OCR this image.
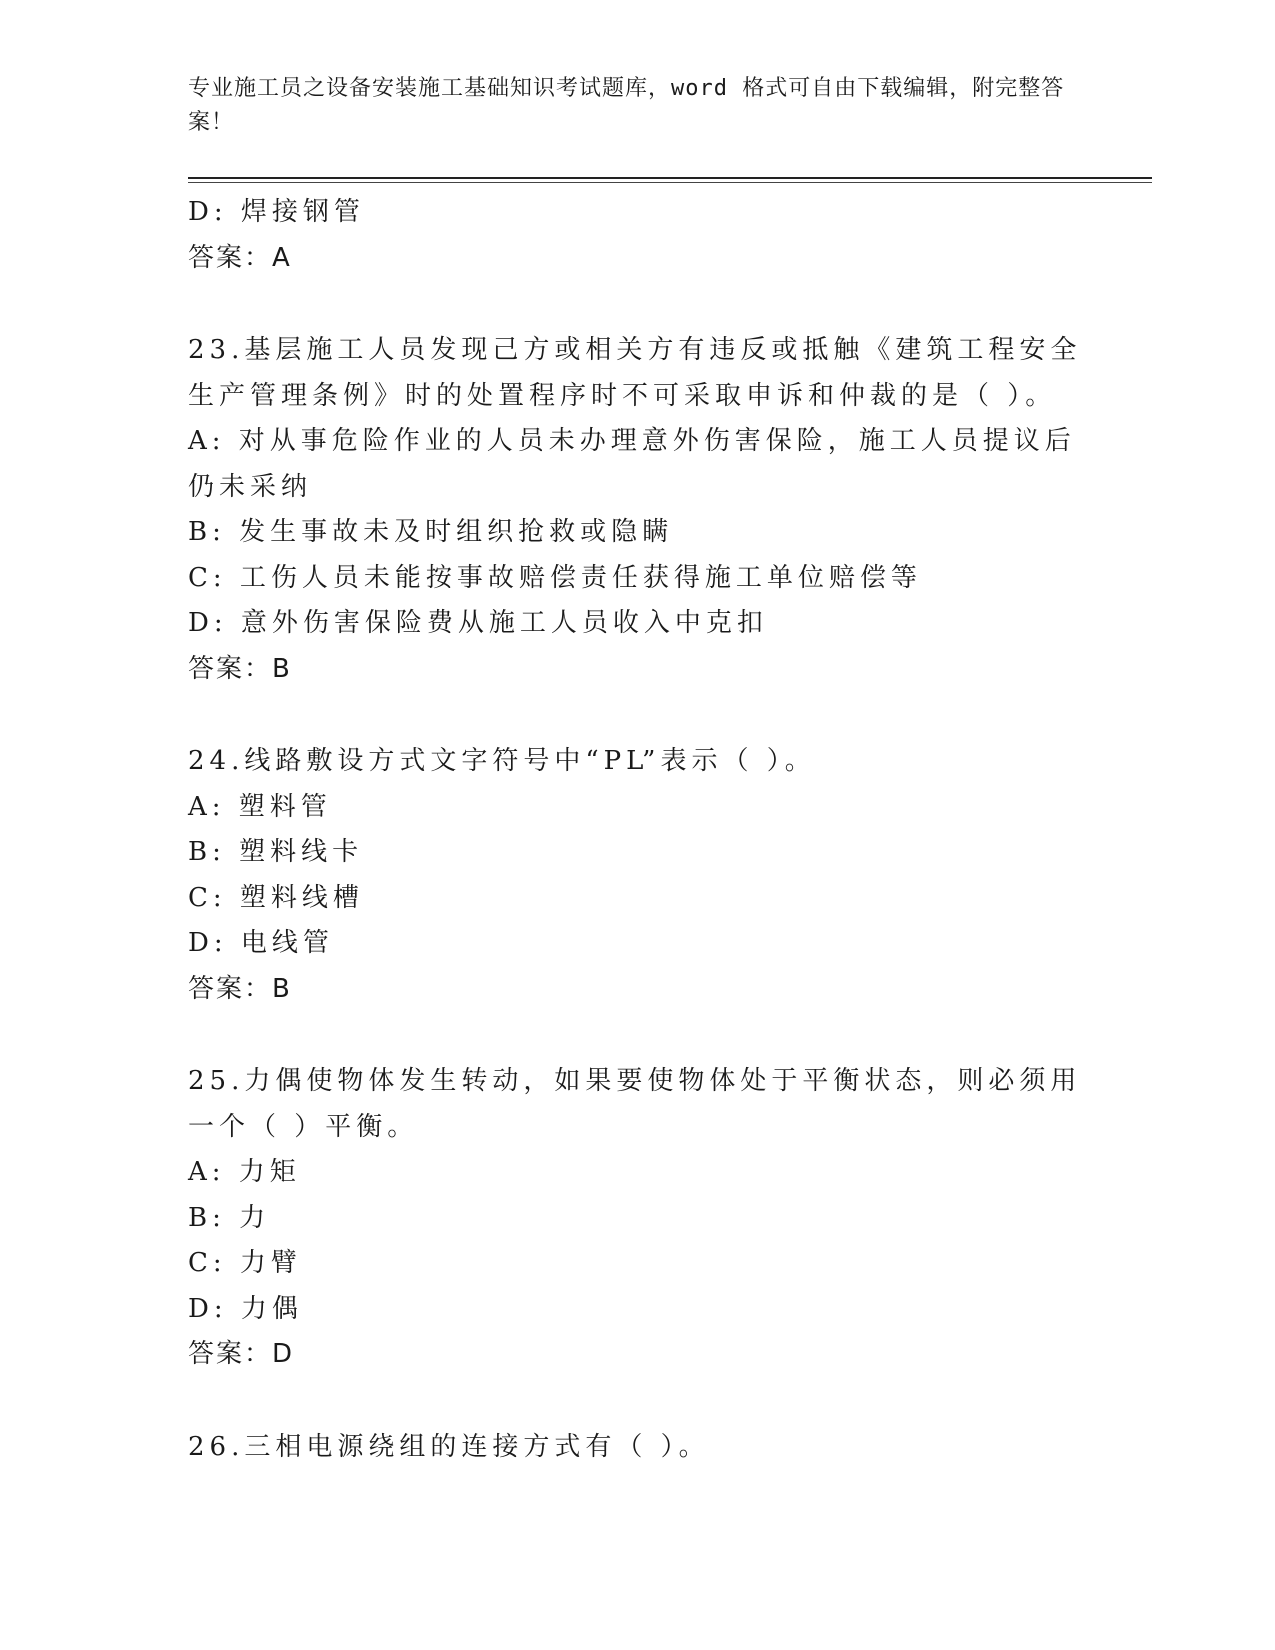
专业施工员之设备安装施工基础知识考试题库，word 格式可自由下载编辑，附完整答案！
D: 焊接钢管
答案：A
23.基层施工人员发现己方或相关方有违反或抵触《建筑工程安全生产管理条例》时的处置程序时不可采取申诉和仲裁的是（ ）。
A: 对从事危险作业的人员未办理意外伤害保险，施工人员提议后仍未采纳
B: 发生事故未及时组织抢救或隐瞒
C: 工伤人员未能按事故赔偿责任获得施工单位赔偿等
D: 意外伤害保险费从施工人员收入中克扣
答案：B
24.线路敷设方式文字符号中“PL”表示（ ）。
A: 塑料管
B: 塑料线卡
C: 塑料线槽
D: 电线管
答案：B
25.力偶使物体发生转动，如果要使物体处于平衡状态，则必须用一个（ ）平衡。
A: 力矩
B: 力
C: 力臂
D: 力偶
答案：D
26.三相电源绕组的连接方式有（ ）。
